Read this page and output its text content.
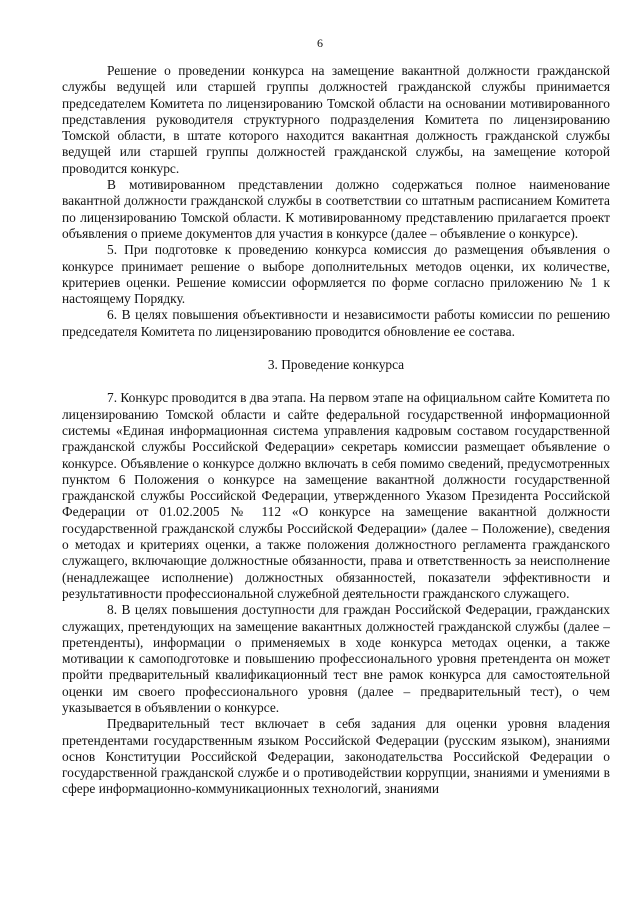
6

Решение о проведении конкурса на замещение вакантной должности гражданской службы ведущей или старшей группы должностей гражданской службы принимается председателем Комитета по лицензированию Томской области на основании мотивированного представления руководителя структурного подразделения Комитета по лицензированию Томской области, в штате которого находится вакантная должность гражданской службы ведущей или старшей группы должностей гражданской службы, на замещение которой проводится конкурс.

В мотивированном представлении должно содержаться полное наименование вакантной должности гражданской службы в соответствии со штатным расписанием Комитета по лицензированию Томской области. К мотивированному представлению прилагается проект объявления о приеме документов для участия в конкурсе (далее – объявление о конкурсе).

5. При подготовке к проведению конкурса комиссия до размещения объявления о конкурсе принимает решение о выборе дополнительных методов оценки, их количестве, критериев оценки. Решение комиссии оформляется по форме согласно приложению № 1 к настоящему Порядку.

6. В целях повышения объективности и независимости работы комиссии по решению председателя Комитета по лицензированию проводится обновление ее состава.

3. Проведение конкурса

7. Конкурс проводится в два этапа. На первом этапе на официальном сайте Комитета по лицензированию Томской области и сайте федеральной государственной информационной системы «Единая информационная система управления кадровым составом государственной гражданской службы Российской Федерации» секретарь комиссии размещает объявление о конкурсе. Объявление о конкурсе должно включать в себя помимо сведений, предусмотренных пунктом 6 Положения о конкурсе на замещение вакантной должности государственной гражданской службы Российской Федерации, утвержденного Указом Президента Российской Федерации от 01.02.2005 № 112 «О конкурсе на замещение вакантной должности государственной гражданской службы Российской Федерации» (далее – Положение), сведения о методах и критериях оценки, а также положения должностного регламента гражданского служащего, включающие должностные обязанности, права и ответственность за неисполнение (ненадлежащее исполнение) должностных обязанностей, показатели эффективности и результативности профессиональной служебной деятельности гражданского служащего.

8. В целях повышения доступности для граждан Российской Федерации, гражданских служащих, претендующих на замещение вакантных должностей гражданской службы (далее – претенденты), информации о применяемых в ходе конкурса методах оценки, а также мотивации к самоподготовке и повышению профессионального уровня претендента он может пройти предварительный квалификационный тест вне рамок конкурса для самостоятельной оценки им своего профессионального уровня (далее – предварительный тест), о чем указывается в объявлении о конкурсе.

Предварительный тест включает в себя задания для оценки уровня владения претендентами государственным языком Российской Федерации (русским языком), знаниями основ Конституции Российской Федерации, законодательства Российской Федерации о государственной гражданской службе и о противодействии коррупции, знаниями и умениями в сфере информационно-коммуникационных технологий, знаниями
